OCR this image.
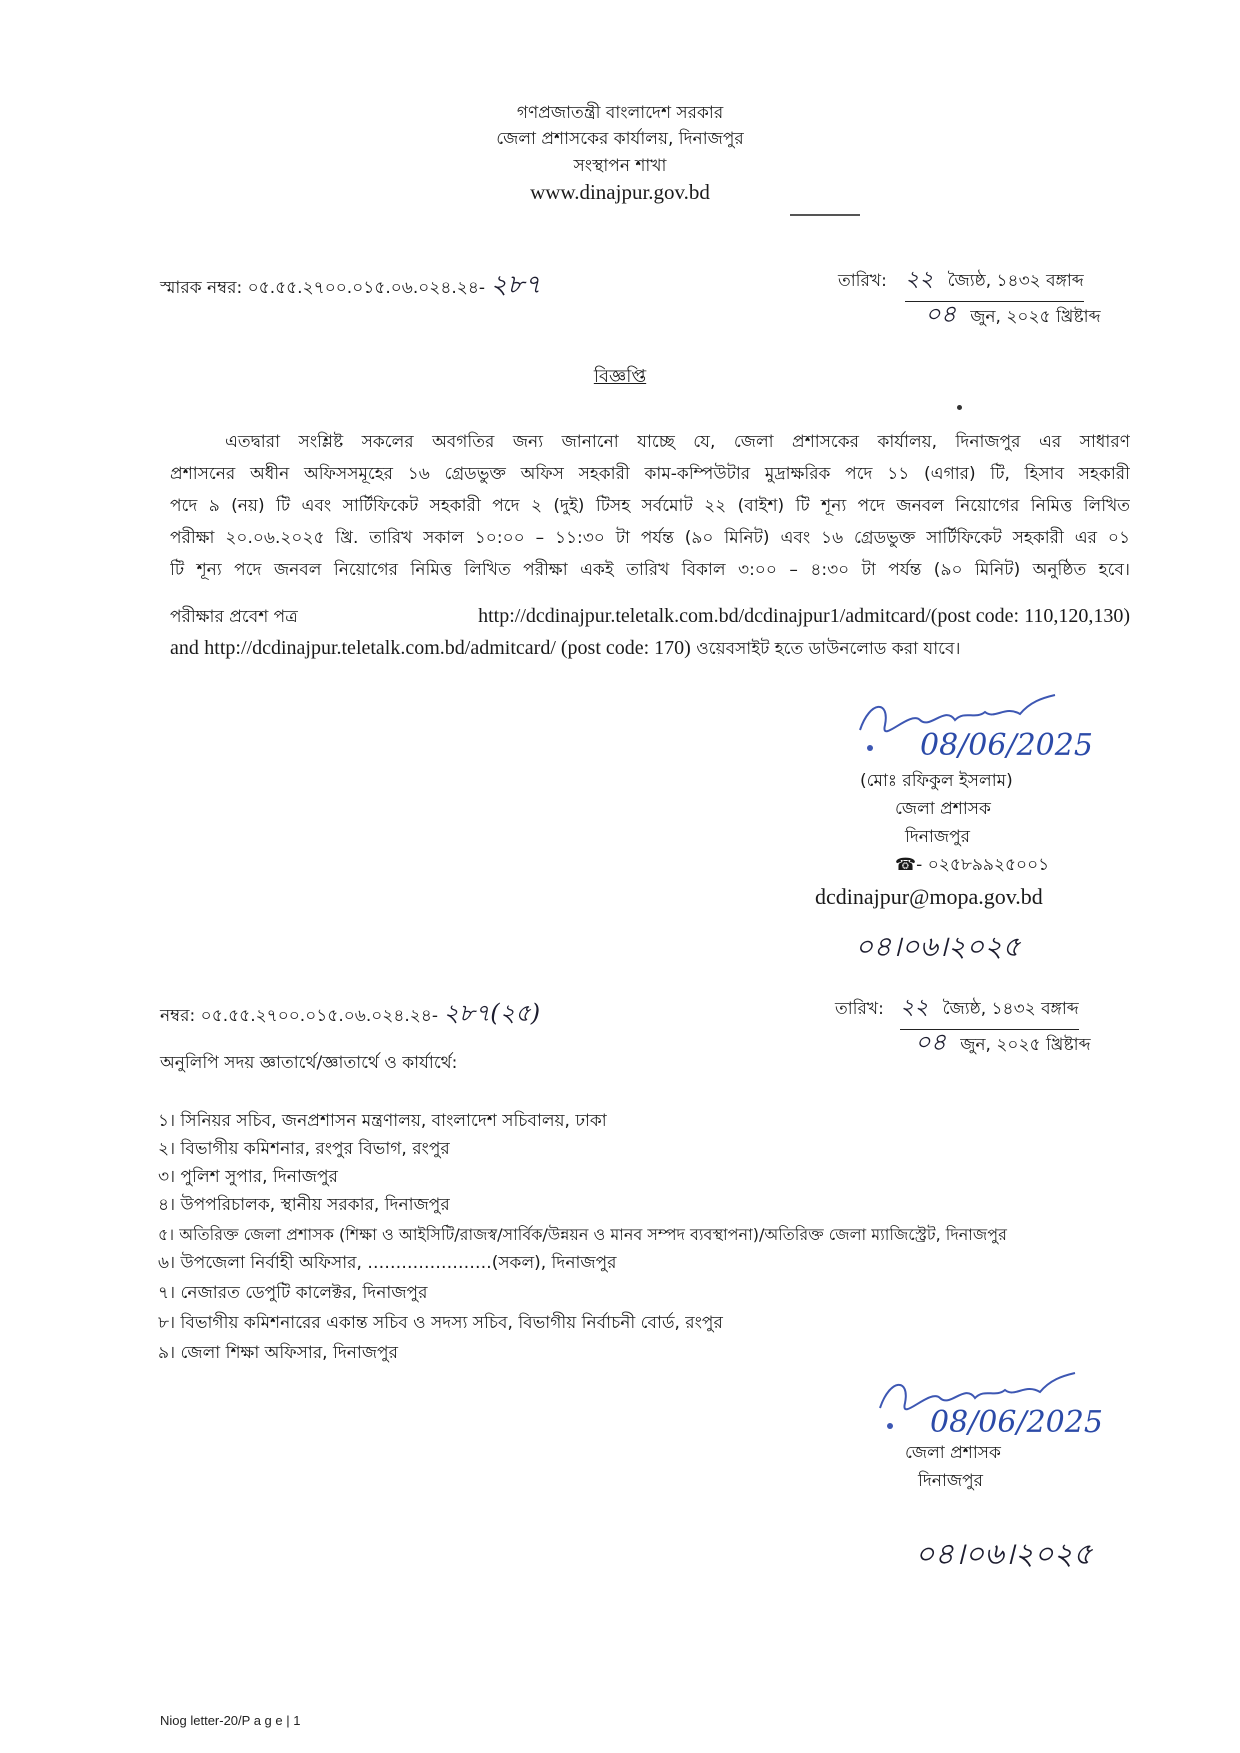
গণপ্রজাতন্ত্রী বাংলাদেশ সরকার
জেলা প্রশাসকের কার্যালয়, দিনাজপুর
সংস্থাপন শাখা
www.dinajpur.gov.bd
স্মারক নম্বর: ০৫.৫৫.২৭০০.০১৫.০৬.০২৪.২৪- ২৮৭	তারিখ: ২২ জ্যৈষ্ঠ, ১৪৩২ বঙ্গাব্দ
০৪ জুন, ২০২৫ খ্রিষ্টাব্দ
বিজ্ঞপ্তি
এতদ্বারা সংশ্লিষ্ট সকলের অবগতির জন্য জানানো যাচ্ছে যে, জেলা প্রশাসকের কার্যালয়, দিনাজপুর এর সাধারণ
প্রশাসনের অধীন অফিসসমূহের ১৬ গ্রেডভুক্ত অফিস সহকারী কাম-কম্পিউটার মুদ্রাক্ষরিক পদে ১১ (এগার) টি, হিসাব সহকারী
পদে ৯ (নয়) টি এবং সার্টিফিকেট সহকারী পদে ২ (দুই) টিসহ সর্বমোট ২২ (বাইশ) টি শূন্য পদে জনবল নিয়োগের নিমিত্ত লিখিত
পরীক্ষা ২০.০৬.২০২৫ খ্রি. তারিখ সকাল ১০:০০ – ১১:৩০ টা পর্যন্ত (৯০ মিনিট) এবং ১৬ গ্রেডভুক্ত সার্টিফিকেট সহকারী এর ০১
টি শূন্য পদে জনবল নিয়োগের নিমিত্ত লিখিত পরীক্ষা একই তারিখ বিকাল ৩:০০ – ৪:৩০ টা পর্যন্ত (৯০ মিনিট) অনুষ্ঠিত হবে।
পরীক্ষার প্রবেশ পত্র	http://dcdinajpur.teletalk.com.bd/dcdinajpur1/admitcard/(post code: 110,120,130)
and http://dcdinajpur.teletalk.com.bd/admitcard/ (post code: 170) ওয়েবসাইট হতে ডাউনলোড করা যাবে।
08/06/2025
(মোঃ রফিকুল ইসলাম)
জেলা প্রশাসক
দিনাজপুর
☎- ০২৫৮৯৯২৫০০১
dcdinajpur@mopa.gov.bd
০৪।০৬।২০২৫
নম্বর: ০৫.৫৫.২৭০০.০১৫.০৬.০২৪.২৪- ২৮৭(২৫)	তারিখ: ২২ জ্যৈষ্ঠ, ১৪৩২ বঙ্গাব্দ
০৪ জুন, ২০২৫ খ্রিষ্টাব্দ
অনুলিপি সদয় জ্ঞাতার্থে/জ্ঞাতার্থে ও কার্যার্থে:
১। সিনিয়র সচিব, জনপ্রশাসন মন্ত্রণালয়, বাংলাদেশ সচিবালয়, ঢাকা
২। বিভাগীয় কমিশনার, রংপুর বিভাগ, রংপুর
৩। পুলিশ সুপার, দিনাজপুর
৪। উপপরিচালক, স্থানীয় সরকার, দিনাজপুর
৫। অতিরিক্ত জেলা প্রশাসক (শিক্ষা ও আইসিটি/রাজস্ব/সার্বিক/উন্নয়ন ও মানব সম্পদ ব্যবস্থাপনা)/অতিরিক্ত জেলা ম্যাজিস্ট্রেট, দিনাজপুর
৬। উপজেলা নির্বাহী অফিসার, ………………….(সকল), দিনাজপুর
৭। নেজারত ডেপুটি কালেক্টর, দিনাজপুর
৮। বিভাগীয় কমিশনারের একান্ত সচিব ও সদস্য সচিব, বিভাগীয় নির্বাচনী বোর্ড, রংপুর
৯। জেলা শিক্ষা অফিসার, দিনাজপুর
08/06/2025
জেলা প্রশাসক
দিনাজপুর
০৪।০৬।২০২৫
Niog letter-20/P a g e | 1
